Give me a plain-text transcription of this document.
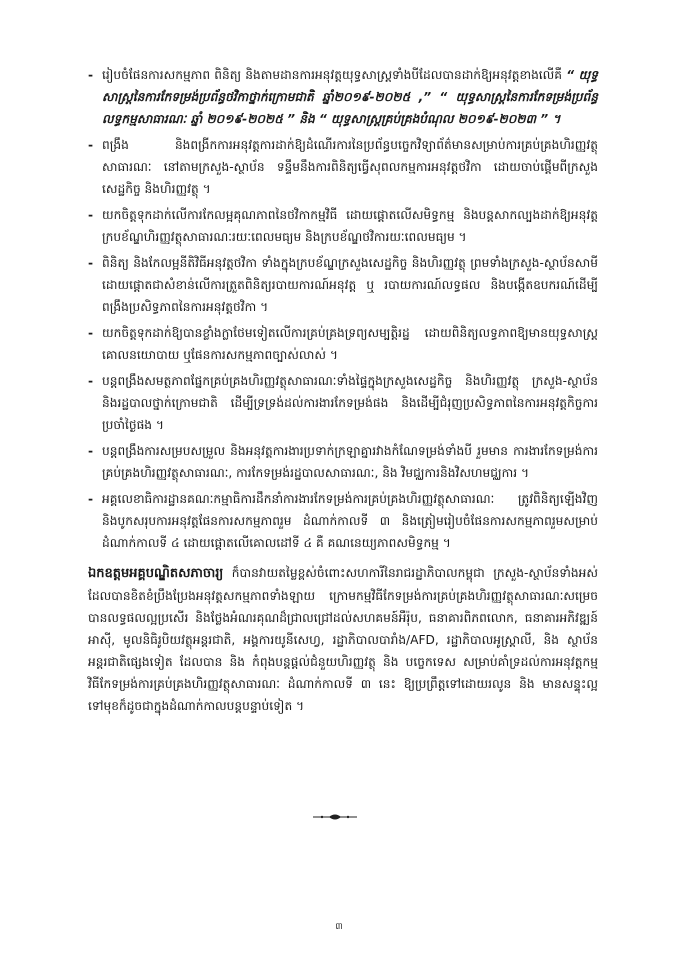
- រៀបចំផែនការសកម្មភាព ពិនិត្យ និងតាមដានការអនុវត្តយុទ្ធសាស្ត្រទាំងបីដែលបានដាក់ឱ្យអនុវត្តខាងលើគឺ “ យុទ្ធសាស្ត្រនៃការកែទម្រង់ប្រព័ន្ធថវិកាថ្នាក់ក្រោមជាតិ ឆ្នាំ២០១៩-២០២៥ ,” “ យុទ្ធសាស្ត្រនៃការកែទម្រង់ប្រព័ន្ធលទ្ធកម្មសាធារណៈ ឆ្នាំ ២០១៩-២០២៥ ” និង “ យុទ្ធសាស្ត្រគ្រប់គ្រងបំណុល ២០១៩-២០២៣ ” ។
- ពង្រឹង និងពង្រីកការអនុវត្តការដាក់ឱ្យដំណើរការនៃប្រព័ន្ធបច្ចេកវិទ្យាព័ត៌មានសម្រាប់ការគ្រប់គ្រងហិរញ្ញវត្ថុសាធារណៈ នៅតាមក្រសួង-ស្ថាប័ន ទន្ទឹមនឹងការពិនិត្យធ្វើសុពលកម្មការអនុវត្តថវិកា ដោយចាប់ផ្តើមពីក្រសួងសេដ្ឋកិច្ច និងហិរញ្ញវត្ថុ ។
- យកចិត្តទុកដាក់លើការកែលម្អគុណភាពនៃថវិកាកម្មវិធី ដោយផ្តោតលើសមិទ្ធកម្ម និងបន្តសាកល្បងដាក់ឱ្យអនុវត្តក្របខ័ណ្ឌហិរញ្ញវត្ថុសាធារណៈរយៈពេលមធ្យម និងក្របខ័ណ្ឌថវិការយៈពេលមធ្យម ។
- ពិនិត្យ និងកែលម្អនីតិវិធីអនុវត្តថវិកា ទាំងក្នុងក្របខ័ណ្ឌក្រសួងសេដ្ឋកិច្ច និងហិរញ្ញវត្ថុ ព្រមទាំងក្រសួង-ស្ថាប័នសាមី ដោយផ្តោតជាសំខាន់លើការត្រួតពិនិត្យរបាយការណ៍អនុវត្ត ឬ របាយការណ៍លទ្ធផល និងបង្កើតឧបករណ៍ដើម្បីពង្រឹងប្រសិទ្ធភាពនៃការអនុវត្តថវិកា ។
- យកចិត្តទុកដាក់ឱ្យបានខ្លាំងក្លាថែមទៀតលើការគ្រប់គ្រងទ្រព្យសម្បត្តិរដ្ឋ ដោយពិនិត្យលទ្ធភាពឱ្យមានយុទ្ធសាស្ត្រ គោលនយោបាយ ឬផែនការសកម្មភាពច្បាស់លាស់ ។
- បន្តពង្រឹងសមត្ថភាពផ្នែកគ្រប់គ្រងហិរញ្ញវត្ថុសាធារណៈទាំងផ្ទៃក្នុងក្រសួងសេដ្ឋកិច្ច និងហិរញ្ញវត្ថុ ក្រសួង-ស្ថាប័ន និងរដ្ឋបាលថ្នាក់ក្រោមជាតិ ដើម្បីទ្រទ្រង់ដល់ការងារកែទម្រង់ផង និងដើម្បីជំរុញប្រសិទ្ធភាពនៃការអនុវត្តកិច្ចការប្រចាំថ្ងៃផង ។
- បន្តពង្រឹងការសម្របសម្រួល និងអនុវត្តការងារប្រទាក់ក្រឡាគ្នារវាងកំណែទម្រង់ទាំងបី រួមមាន ការងារកែទម្រង់ការគ្រប់គ្រងហិរញ្ញវត្ថុសាធារណៈ, ការកែទម្រង់រដ្ឋបាលសាធារណៈ, និង វិមជ្ឈការនិងវិសហមជ្ឈការ ។
- អគ្គលេខាធិការដ្ឋានគណៈកម្មាធិការដឹកនាំការងារកែទម្រង់ការគ្រប់គ្រងហិរញ្ញវត្ថុសាធារណៈ ត្រូវពិនិត្យឡើងវិញនិងបូកសរុបការអនុវត្តផែនការសកម្មភាពរួម ដំណាក់កាលទី ៣ និងត្រៀមរៀបចំផែនការសកម្មភាពរួមសម្រាប់ដំណាក់កាលទី ៤ ដោយផ្តោតលើគោលដៅទី ៤ គឺ គណនេយ្យភាពសមិទ្ធកម្ម ។

ឯកឧត្តមអគ្គបណ្ឌិតសភាចារ្យ ក៏បានវាយតម្លៃខ្ពស់ចំពោះសហការីនៃរាជរដ្ឋាភិបាលកម្ពុជា ក្រសួង-ស្ថាប័នទាំងអស់ ដែលបានខិតខំប្រឹងប្រែងអនុវត្តសកម្មភាពទាំងឡាយ ក្រោមកម្មវិធីកែទម្រង់ការគ្រប់គ្រងហិរញ្ញវត្ថុសាធារណៈសម្រេចបានលទ្ធផលល្អប្រសើរ និងថ្លែងអំណរគុណដ៏ជ្រាលជ្រៅដល់សហគមន៍អឺរ៉ុប, ធនាគារពិភពលោក, ធនាគារអភិវឌ្ឍន៍អាស៊ី, មូលនិធិរូបិយវត្ថុអន្តរជាតិ, អង្គការយូនីសេហ្វ, រដ្ឋាភិបាលបារាំង/AFD, រដ្ឋាភិបាលអូស្ត្រាលី, និង ស្ថាប័នអន្តរជាតិផ្សេងទៀត ដែលបាន និង កំពុងបន្តផ្តល់ជំនួយហិរញ្ញវត្ថុ និង បច្ចេកទេស សម្រាប់គាំទ្រដល់ការអនុវត្តកម្មវិធីកែទម្រង់ការគ្រប់គ្រងហិរញ្ញវត្ថុសាធារណៈ ដំណាក់កាលទី ៣ នេះ ឱ្យប្រព្រឹត្តទៅដោយរលូន និង មានសន្ទុះល្អទៅមុខក៏ដូចជាក្នុងដំណាក់កាលបន្តបន្ទាប់ទៀត ។

៣
